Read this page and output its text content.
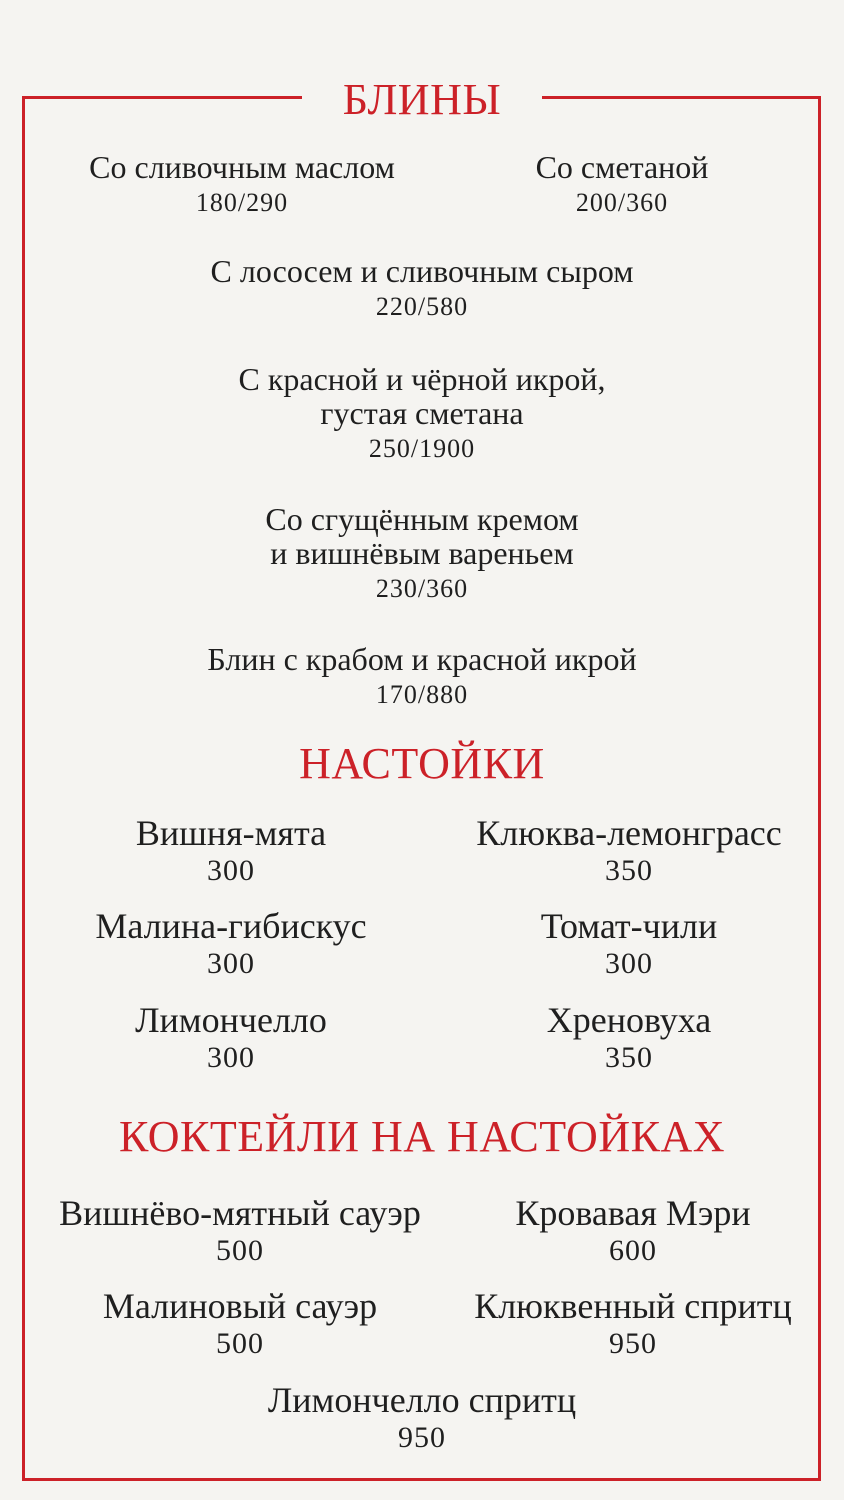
БЛИНЫ
Со сливочным маслом
180/290
Со сметаной
200/360
С лососем и сливочным сыром
220/580
С красной и чёрной икрой,
густая сметана
250/1900
Со сгущённым кремом
и вишнёвым вареньем
230/360
Блин с крабом и красной икрой
170/880
НАСТОЙКИ
Вишня-мята
300
Клюква-лемонграсс
350
Малина-гибискус
300
Томат-чили
300
Лимончелло
300
Хреновуха
350
КОКТЕЙЛИ НА НАСТОЙКАХ
Вишнёво-мятный сауэр
500
Кровавая Мэри
600
Малиновый сауэр
500
Клюквенный спритц
950
Лимончелло спритц
950
